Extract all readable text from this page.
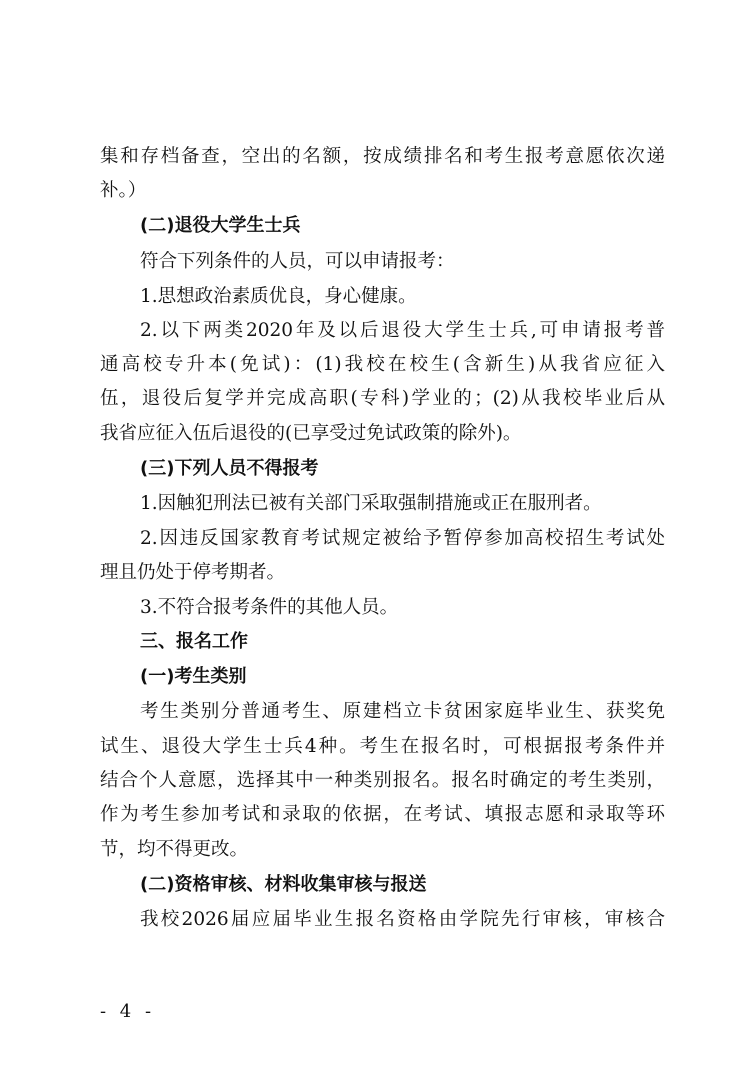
集和存档备查，空出的名额，按成绩排名和考生报考意愿依次递
补。）
(二)退役大学生士兵
符合下列条件的人员，可以申请报考：
1.思想政治素质优良，身心健康。
2.以下两类2020年及以后退役大学生士兵,可申请报考普
通高校专升本(免试)：(1)我校在校生(含新生)从我省应征入
伍，退役后复学并完成高职(专科)学业的；(2)从我校毕业后从
我省应征入伍后退役的(已享受过免试政策的除外)。
(三)下列人员不得报考
1.因触犯刑法已被有关部门采取强制措施或正在服刑者。
2.因违反国家教育考试规定被给予暂停参加高校招生考试处
理且仍处于停考期者。
3.不符合报考条件的其他人员。
三、报名工作
(一)考生类别
考生类别分普通考生、原建档立卡贫困家庭毕业生、获奖免
试生、退役大学生士兵4种。考生在报名时，可根据报考条件并
结合个人意愿，选择其中一种类别报名。报名时确定的考生类别，
作为考生参加考试和录取的依据，在考试、填报志愿和录取等环
节，均不得更改。
(二)资格审核、材料收集审核与报送
我校2026届应届毕业生报名资格由学院先行审核，审核合
- 4 -
